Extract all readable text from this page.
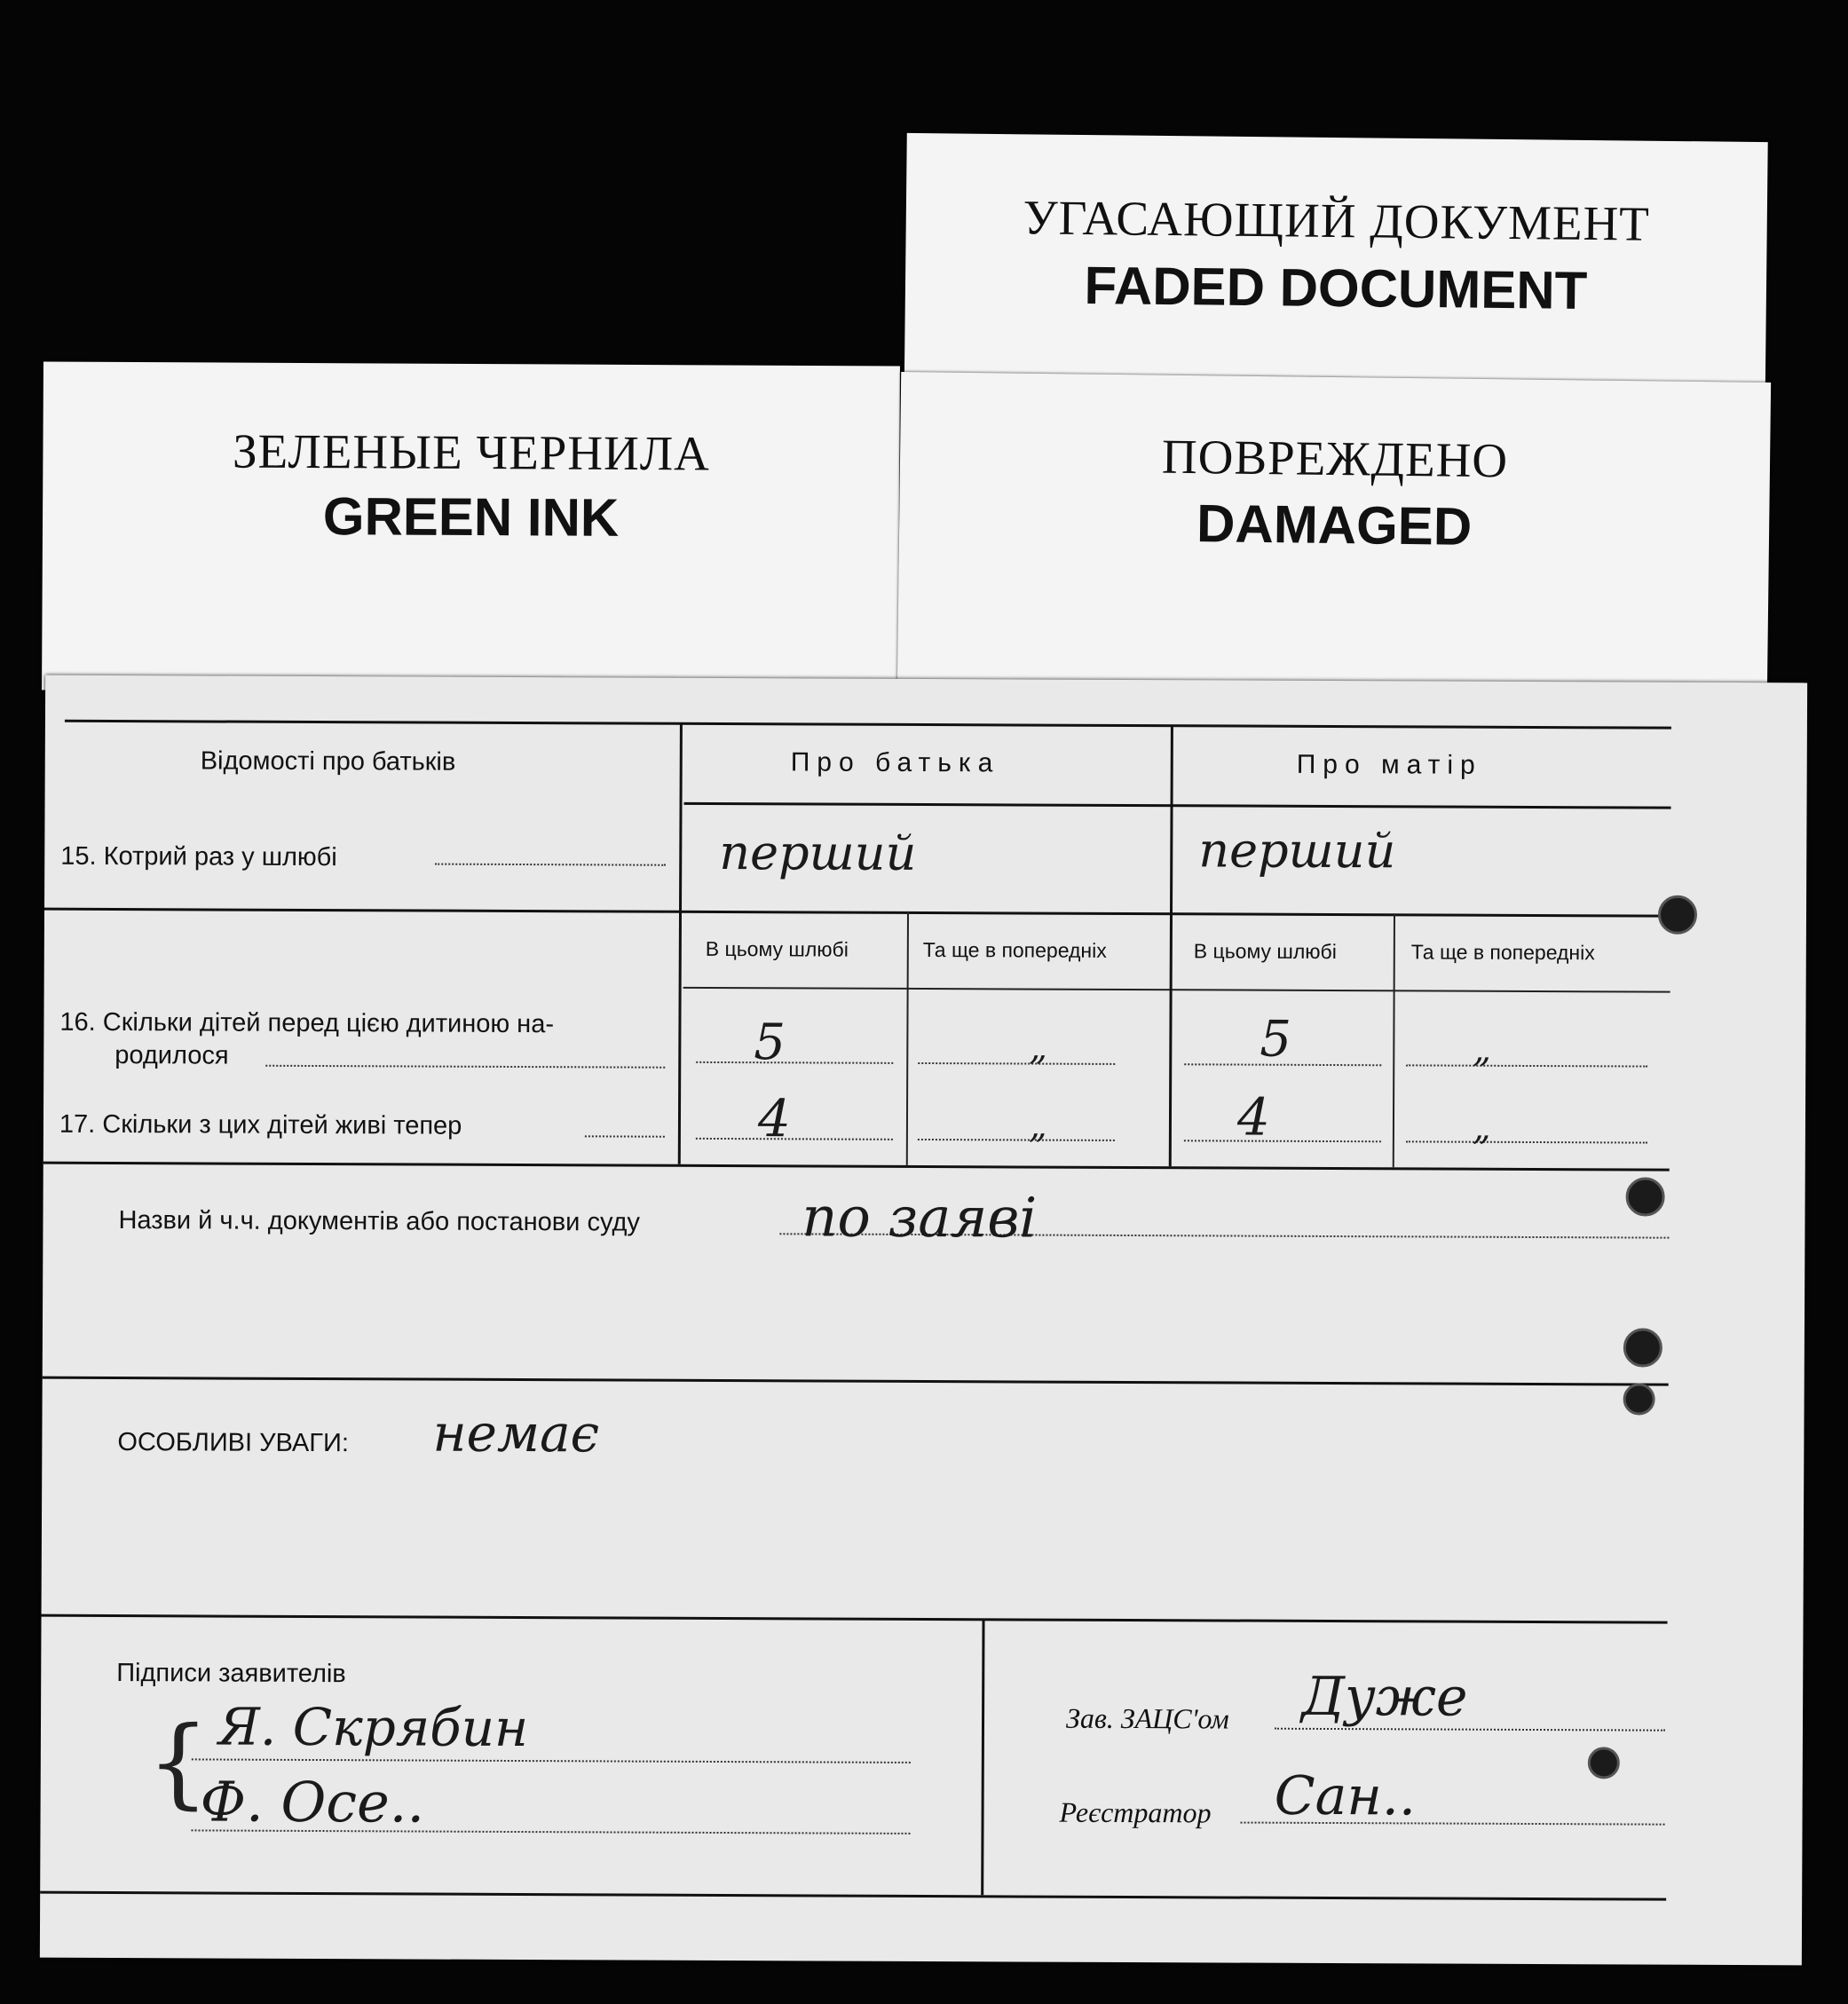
УГАСАЮЩИЙ ДОКУМЕНТ
FADED DOCUMENT
ЗЕЛЕНЫЕ ЧЕРНИЛА
GREEN INK
ПОВРЕЖДЕНО
DAMAGED
Відомості про батьків	Про батька	Про матір
15. Котрий раз у шлюбі	перший	перший
В цьому шлюбі	Та ще в попередніх	В цьому шлюбі	Та ще в попередніх
16. Скільки дітей перед цією дитиною на-
родилося	5	„	5	„
17. Скільки з цих дітей живі тепер	4	„	4	„
Назви й ч.ч. документів або постанови суду	по заяві
ОСОБЛИВІ УВАГИ: немає
Підписи заявителів
{ Я. Скрябин
Ф. Осе..
Зав. ЗАЦС'ом Дуже
Реєстратор Сан..
